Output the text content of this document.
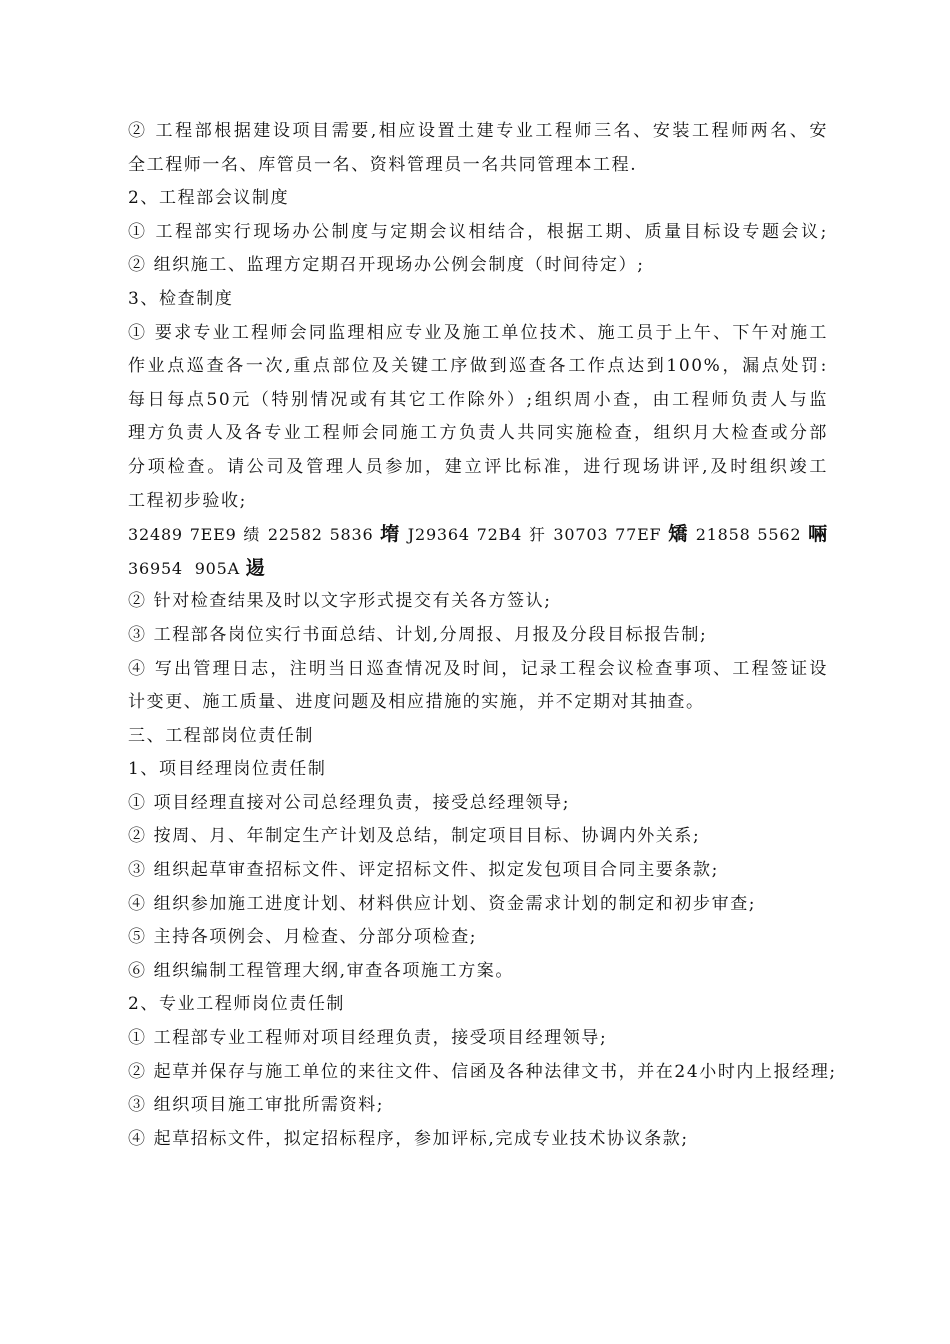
② 工程部根据建设项目需要,相应设置土建专业工程师三名、安装工程师两名、安
全工程师一名、库管员一名、资料管理员一名共同管理本工程.
2、工程部会议制度
① 工程部实行现场办公制度与定期会议相结合，根据工期、质量目标设专题会议;
② 组织施工、监理方定期召开现场办公例会制度（时间待定）;
3、检查制度
① 要求专业工程师会同监理相应专业及施工单位技术、施工员于上午、下午对施工
作业点巡查各一次,重点部位及关键工序做到巡查各工作点达到100%，漏点处罚:
每日每点50元（特别情况或有其它工作除外）;组织周小查，由工程师负责人与监
理方负责人及各专业工程师会同施工方负责人共同实施检查，组织月大检查或分部
分项检查。请公司及管理人员参加，建立评比标准，进行现场讲评,及时组织竣工
工程初步验收;
32489 7EE9 绩 22582 5836 堶 J29364 72B4 犴 30703 77EF 矯 21858 5562 啢
36954 905A 逷
② 针对检查结果及时以文字形式提交有关各方签认;
③ 工程部各岗位实行书面总结、计划,分周报、月报及分段目标报告制;
④ 写出管理日志，注明当日巡查情况及时间，记录工程会议检查事项、工程签证设
计变更、施工质量、进度问题及相应措施的实施，并不定期对其抽查。
三、工程部岗位责任制
1、项目经理岗位责任制
① 项目经理直接对公司总经理负责，接受总经理领导;
② 按周、月、年制定生产计划及总结，制定项目目标、协调内外关系;
③ 组织起草审查招标文件、评定招标文件、拟定发包项目合同主要条款;
④ 组织参加施工进度计划、材料供应计划、资金需求计划的制定和初步审查;
⑤ 主持各项例会、月检查、分部分项检查;
⑥ 组织编制工程管理大纲,审查各项施工方案。
2、专业工程师岗位责任制
① 工程部专业工程师对项目经理负责，接受项目经理领导;
② 起草并保存与施工单位的来往文件、信函及各种法律文书，并在24小时内上报经理;
③ 组织项目施工审批所需资料;
④ 起草招标文件，拟定招标程序，参加评标,完成专业技术协议条款;
